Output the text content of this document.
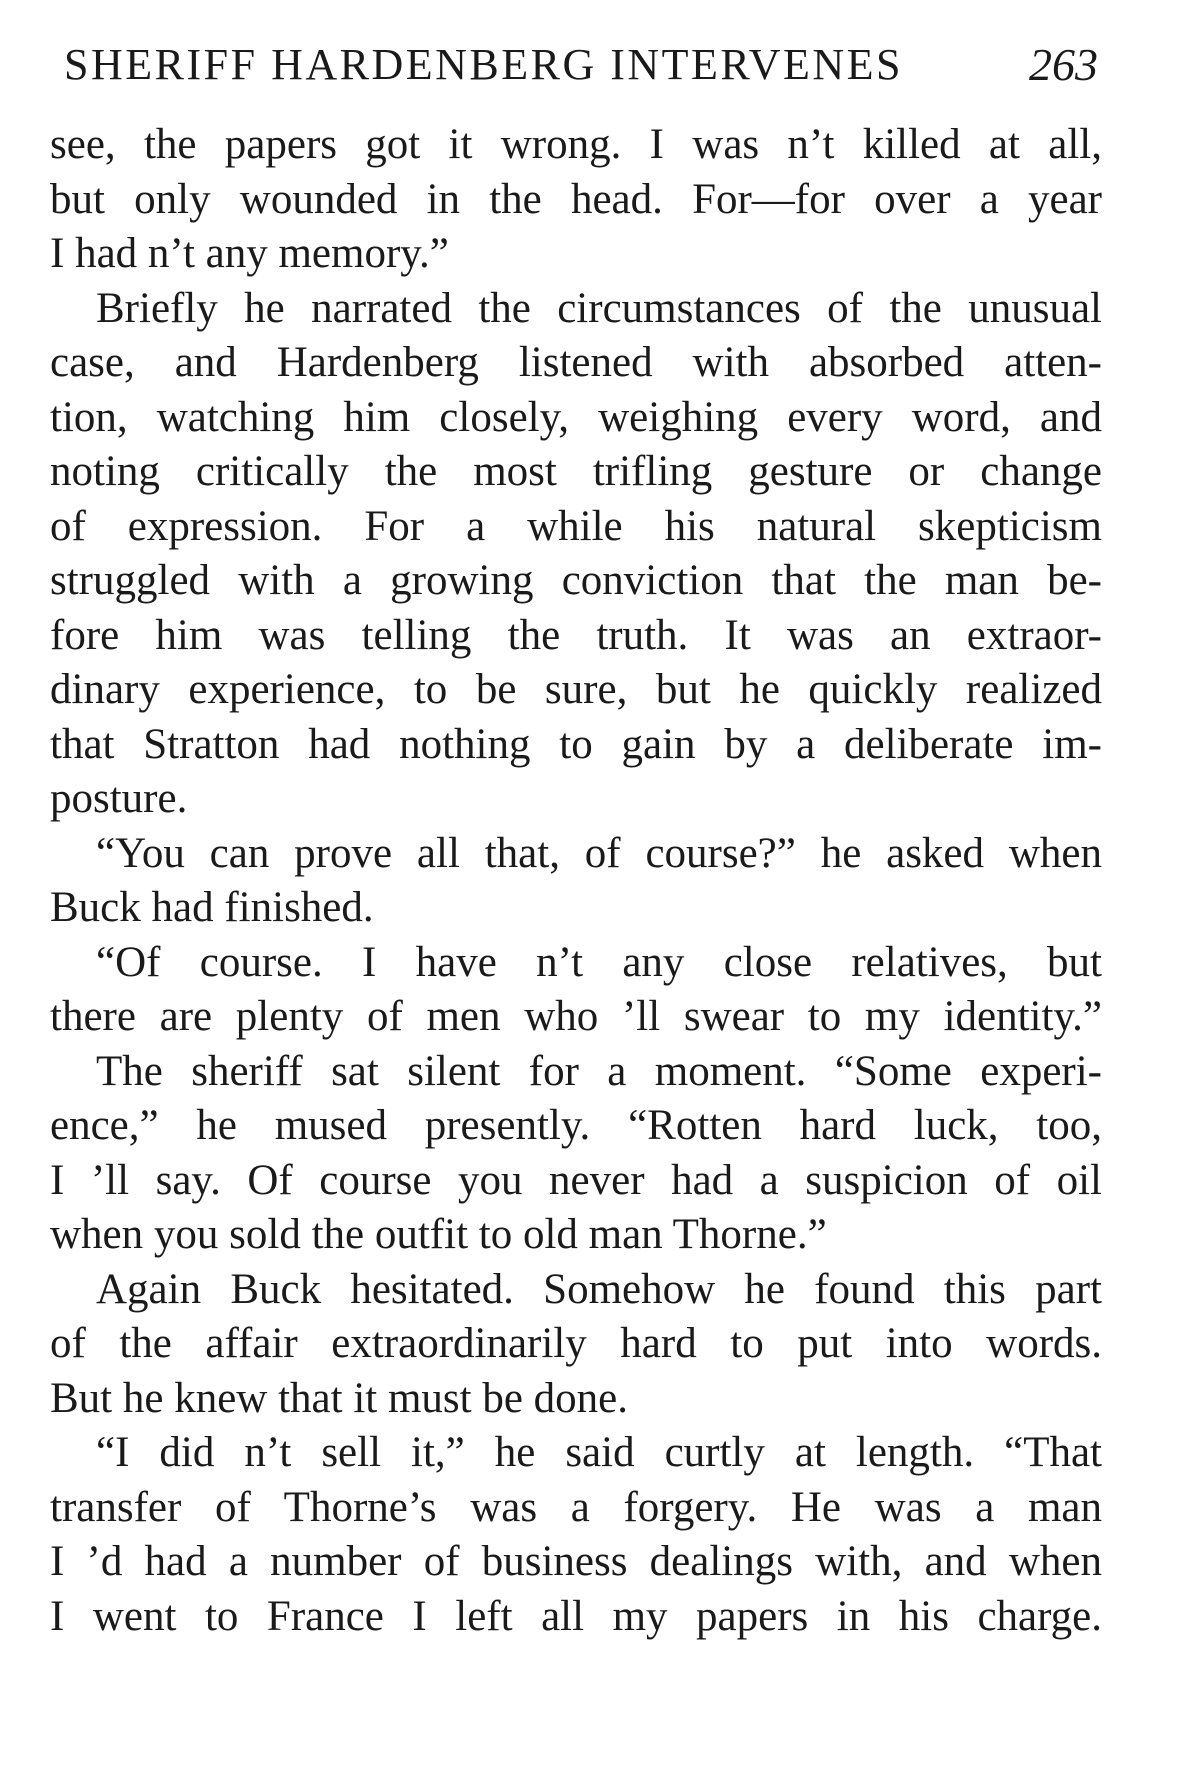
SHERIFF HARDENBERG INTERVENES	263

see, the papers got it wrong. I was n’t killed at all,

but only wounded in the head. For—for over a year

I had n’t any memory.”

Briefly he narrated the circumstances of the unusual

case, and Hardenberg listened with absorbed atten-

tion, watching him closely, weighing every word, and

noting critically the most trifling gesture or change

of expression. For a while his natural skepticism

struggled with a growing conviction that the man be-

fore him was telling the truth. It was an extraor-

dinary experience, to be sure, but he quickly realized

that Stratton had nothing to gain by a deliberate im-

posture.

“You can prove all that, of course?” he asked when

Buck had finished.

“Of course. I have n’t any close relatives, but

there are plenty of men who ’ll swear to my identity.”

The sheriff sat silent for a moment. “Some experi-

ence,” he mused presently. “Rotten hard luck, too,

I ’ll say. Of course you never had a suspicion of oil

when you sold the outfit to old man Thorne.”

Again Buck hesitated. Somehow he found this part

of the affair extraordinarily hard to put into words.

But he knew that it must be done.

“I did n’t sell it,” he said curtly at length. “That

transfer of Thorne’s was a forgery. He was a man

I ’d had a number of business dealings with, and when

I went to France I left all my papers in his charge.
